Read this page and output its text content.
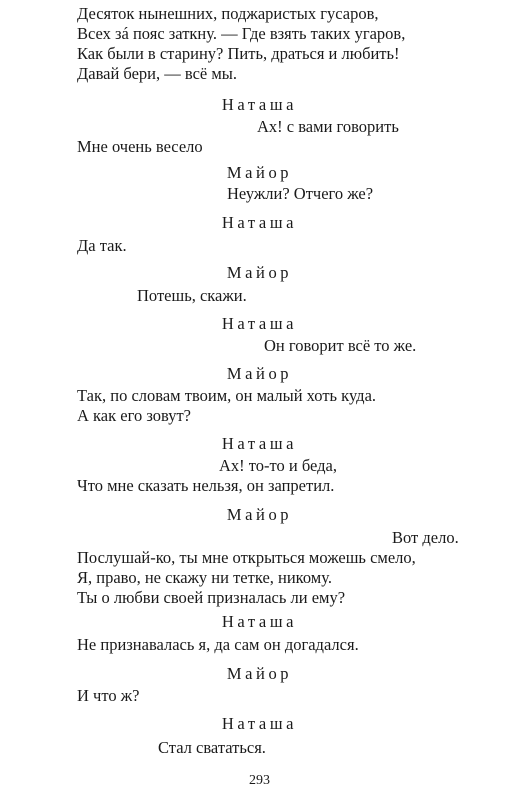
Десяток нынешних, поджаристых гусаров,
Всех зá пояс заткну. — Где взять таких угаров,
Как были в старину? Пить, драться и любить!
Давай бери, — всё мы.
Наташа
Ах! с вами говорить
Мне очень весело
Майор
Неужли? Отчего же?
Наташа
Да так.
Майор
Потешь, скажи.
Наташа
Он говорит всё то же.
Майор
Так, по словам твоим, он малый хоть куда.
А как его зовут?
Наташа
Ах! то-то и беда,
Что мне сказать нельзя, он запретил.
Майор
Вот дело.
Послушай-ко, ты мне открыться можешь смело,
Я, право, не скажу ни тетке, никому.
Ты о любви своей призналась ли ему?
Наташа
Не признавалась я, да сам он догадался.
Майор
И что ж?
Наташа
Стал свататься.
293
